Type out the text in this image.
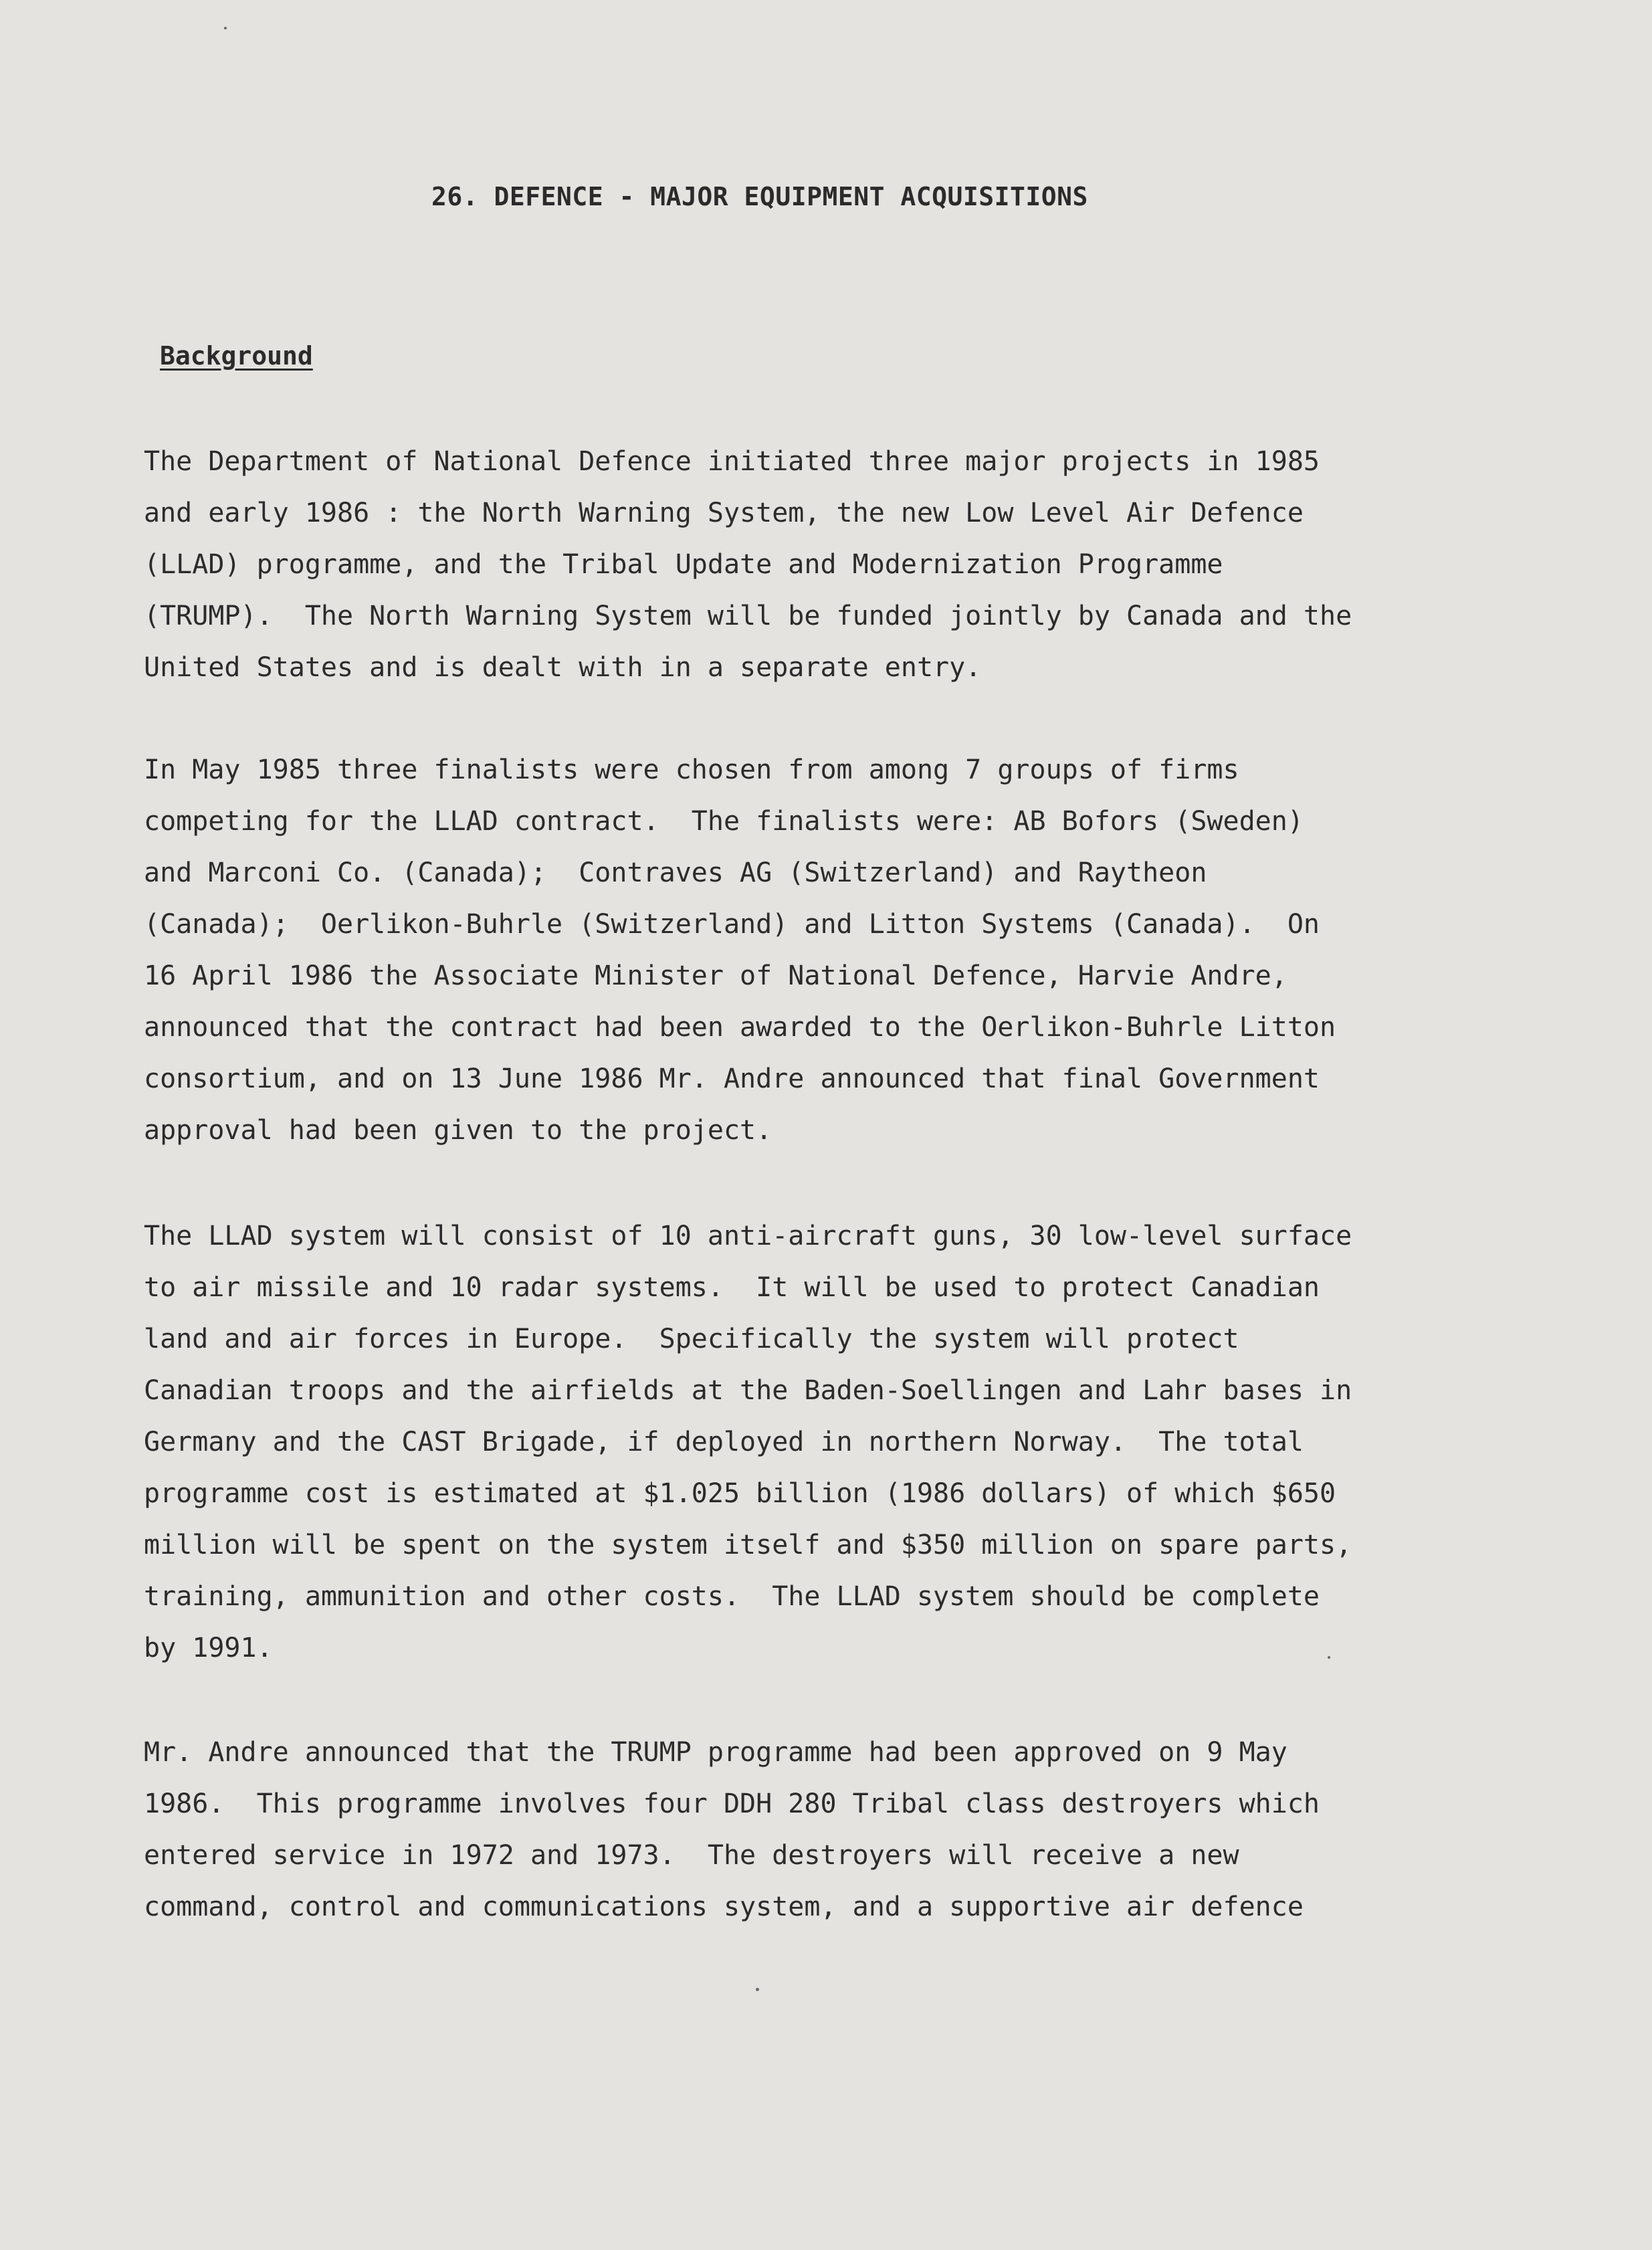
26. DEFENCE - MAJOR EQUIPMENT ACQUISITIONS
Background
The Department of National Defence initiated three major projects in 1985
and early 1986 : the North Warning System, the new Low Level Air Defence
(LLAD) programme, and the Tribal Update and Modernization Programme
(TRUMP).  The North Warning System will be funded jointly by Canada and the
United States and is dealt with in a separate entry.
In May 1985 three finalists were chosen from among 7 groups of firms
competing for the LLAD contract.  The finalists were: AB Bofors (Sweden)
and Marconi Co. (Canada);  Contraves AG (Switzerland) and Raytheon
(Canada);  Oerlikon-Buhrle (Switzerland) and Litton Systems (Canada).  On
16 April 1986 the Associate Minister of National Defence, Harvie Andre,
announced that the contract had been awarded to the Oerlikon-Buhrle Litton
consortium, and on 13 June 1986 Mr. Andre announced that final Government
approval had been given to the project.
The LLAD system will consist of 10 anti-aircraft guns, 30 low-level surface
to air missile and 10 radar systems.  It will be used to protect Canadian
land and air forces in Europe.  Specifically the system will protect
Canadian troops and the airfields at the Baden-Soellingen and Lahr bases in
Germany and the CAST Brigade, if deployed in northern Norway.  The total
programme cost is estimated at $1.025 billion (1986 dollars) of which $650
million will be spent on the system itself and $350 million on spare parts,
training, ammunition and other costs.  The LLAD system should be complete
by 1991.
Mr. Andre announced that the TRUMP programme had been approved on 9 May
1986.  This programme involves four DDH 280 Tribal class destroyers which
entered service in 1972 and 1973.  The destroyers will receive a new
command, control and communications system, and a supportive air defence
